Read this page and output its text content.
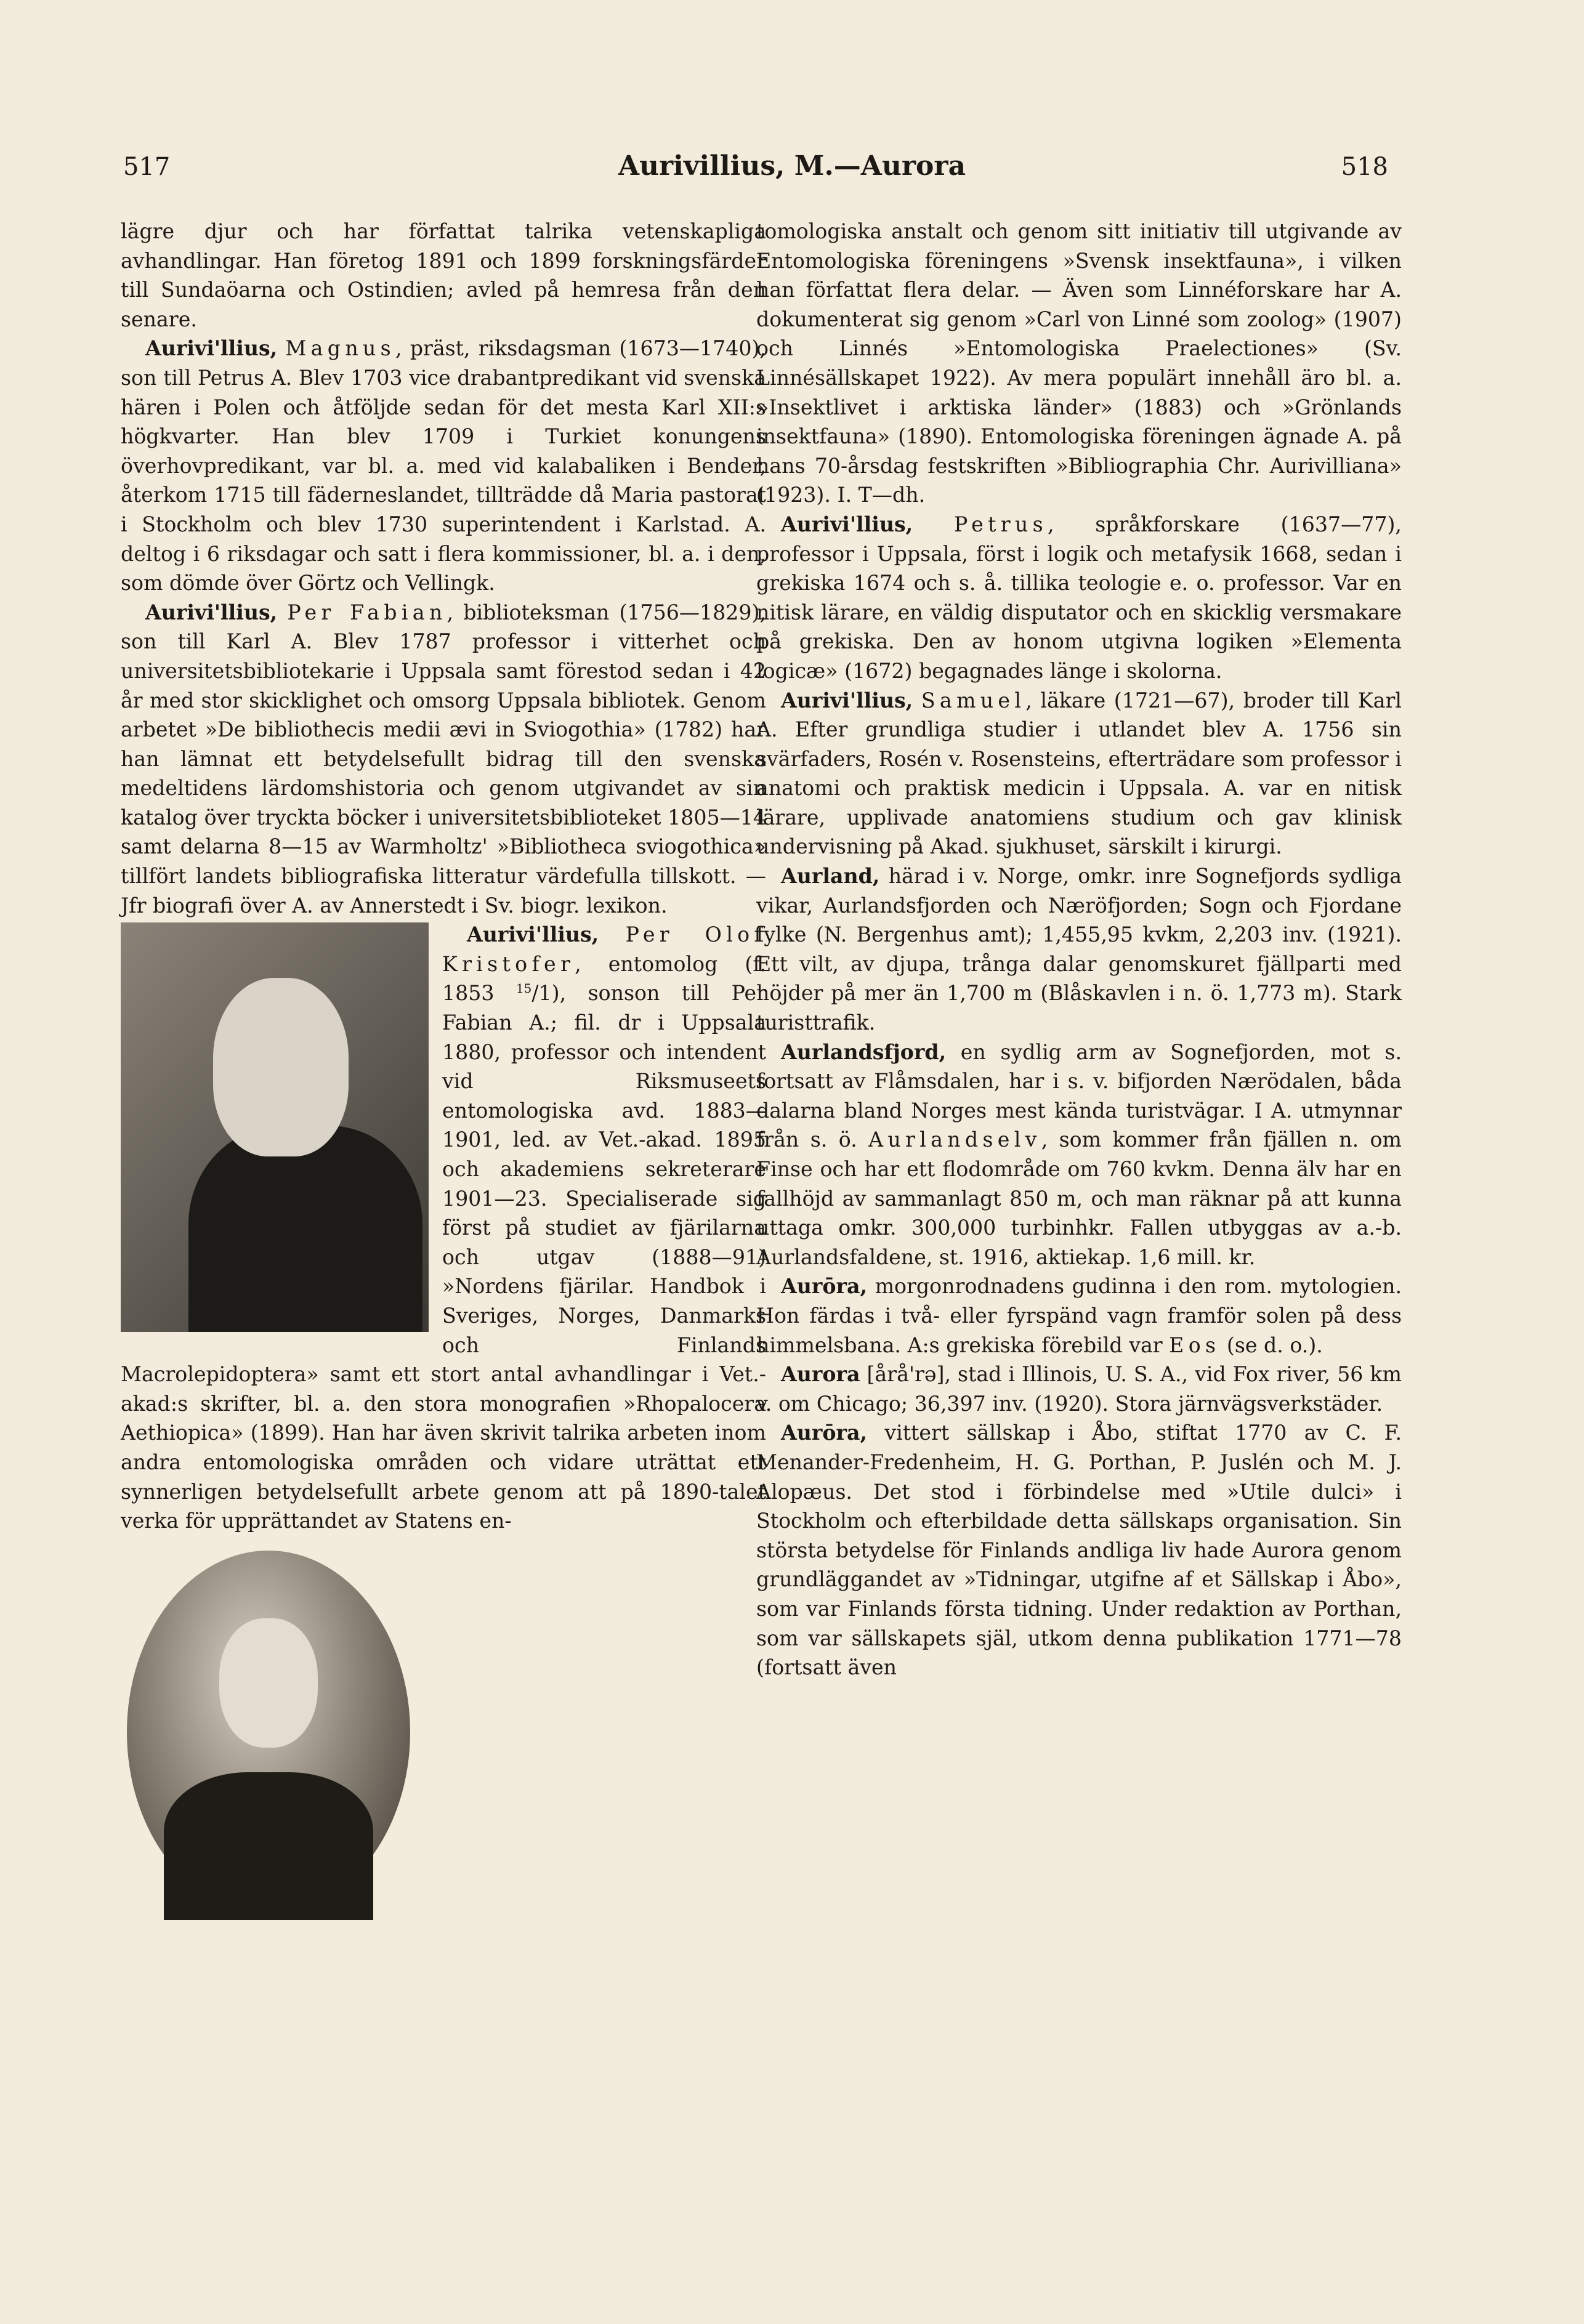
517	Aurivillius, M.—Aurora	518

lägre djur och har författat talrika vetenskapliga avhandlingar. Han företog 1891 och 1899 forskningsfärder till Sundaöarna och Ostindien; avled på hemresa från den senare.

Aurivi'llius, Magnus, präst, riksdagsman (1673—1740), son till Petrus A. Blev 1703 vice drabantpredikant vid svenska hären i Polen och åtföljde sedan för det mesta Karl XII:s högkvarter. Han blev 1709 i Turkiet konungens överhovpredikant, var bl. a. med vid kalabaliken i Bender, återkom 1715 till fäderneslandet, tillträdde då Maria pastorat i Stockholm och blev 1730 superintendent i Karlstad. A. deltog i 6 riksdagar och satt i flera kommissioner, bl. a. i den, som dömde över Görtz och Vellingk.

Aurivi'llius, Per Fabian, biblioteksman (1756—1829), son till Karl A. Blev 1787 professor i vitterhet och universitetsbibliotekarie i Uppsala samt förestod sedan i 42 år med stor skicklighet och omsorg Uppsala bibliotek. Genom arbetet »De bibliothecis medii ævi in Sviogothia» (1782) har han lämnat ett betydelsefullt bidrag till den svenska medeltidens lärdomshistoria och genom utgivandet av sin katalog över tryckta böcker i universitetsbiblioteket 1805—14 samt delarna 8—15 av Warmholtz' »Bibliotheca sviogothica» tillfört landets bibliografiska litteratur värdefulla tillskott. — Jfr biografi över A. av Annerstedt i Sv. biogr. lexikon.

Aurivi'llius, Per Olof Kristofer, entomolog (f. 1853 $^{15}$/1), sonson till Per Fabian A.; fil. dr i Uppsala 1880, professor och intendent vid Riksmuseets entomologiska avd. 1883—1901, led. av Vet.-akad. 1895 och akademiens sekreterare 1901—23. Specialiserade sig först på studiet av fjärilarna och utgav (1888—91) »Nordens fjärilar. Handbok i Sveriges, Norges, Danmarks och Finlands Macrolepidoptera» samt ett stort antal avhandlingar i Vet.-akad:s skrifter, bl. a. den stora monografien »Rhopalocera Aethiopica» (1899). Han har även skrivit talrika arbeten inom andra entomologiska områden och vidare uträttat ett synnerligen betydelsefullt arbete genom att på 1890-talet verka för upprättandet av Statens en-

tomologiska anstalt och genom sitt initiativ till utgivande av Entomologiska föreningens »Svensk insektfauna», i vilken han författat flera delar. — Även som Linnéforskare har A. dokumenterat sig genom »Carl von Linné som zoolog» (1907) och Linnés »Entomologiska Praelectiones» (Sv. Linnésällskapet 1922). Av mera populärt innehåll äro bl. a. »Insektlivet i arktiska länder» (1883) och »Grönlands insektfauna» (1890). Entomologiska föreningen ägnade A. på hans 70-årsdag festskriften »Bibliographia Chr. Aurivilliana» (1923). I. T—dh.

Aurivi'llius, Petrus, språkforskare (1637—77), professor i Uppsala, först i logik och metafysik 1668, sedan i grekiska 1674 och s. å. tillika teologie e. o. professor. Var en nitisk lärare, en väldig disputator och en skicklig versmakare på grekiska. Den av honom utgivna logiken »Elementa logicæ» (1672) begagnades länge i skolorna.

Aurivi'llius, Samuel, läkare (1721—67), broder till Karl A. Efter grundliga studier i utlandet blev A. 1756 sin svärfaders, Rosén v. Rosensteins, efterträdare som professor i anatomi och praktisk medicin i Uppsala. A. var en nitisk lärare, upplivade anatomiens studium och gav klinisk undervisning på Akad. sjukhuset, särskilt i kirurgi.

Aurland, härad i v. Norge, omkr. inre Sognefjords sydliga vikar, Aurlandsfjorden och Næröfjorden; Sogn och Fjordane fylke (N. Bergenhus amt); 1,455,95 kvkm, 2,203 inv. (1921). Ett vilt, av djupa, trånga dalar genomskuret fjällparti med höjder på mer än 1,700 m (Blåskavlen i n. ö. 1,773 m). Stark turisttrafik.

Aurlandsfjord, en sydlig arm av Sognefjorden, mot s. fortsatt av Flåmsdalen, har i s. v. bifjorden Nærödalen, båda dalarna bland Norges mest kända turistvägar. I A. utmynnar från s. ö. Aurlandselv, som kommer från fjällen n. om Finse och har ett flodområde om 760 kvkm. Denna älv har en fallhöjd av sammanlagt 850 m, och man räknar på att kunna uttaga omkr. 300,000 turbinhkr. Fallen utbyggas av a.-b. Aurlandsfaldene, st. 1916, aktiekap. 1,6 mill. kr.

Aurōra, morgonrodnadens gudinna i den rom. mytologien. Hon färdas i två- eller fyrspänd vagn framför solen på dess himmelsbana. A:s grekiska förebild var Eos (se d. o.).

Aurora [årå'rə], stad i Illinois, U. S. A., vid Fox river, 56 km v. om Chicago; 36,397 inv. (1920). Stora järnvägsverkstäder.

Aurōra, vittert sällskap i Åbo, stiftat 1770 av C. F. Menander-Fredenheim, H. G. Porthan, P. Juslén och M. J. Alopæus. Det stod i förbindelse med »Utile dulci» i Stockholm och efterbildade detta sällskaps organisation. Sin största betydelse för Finlands andliga liv hade Aurora genom grundläggandet av »Tidningar, utgifne af et Sällskap i Åbo», som var Finlands första tidning. Under redaktion av Porthan, som var sällskapets själ, utkom denna publikation 1771—78 (fortsatt även
